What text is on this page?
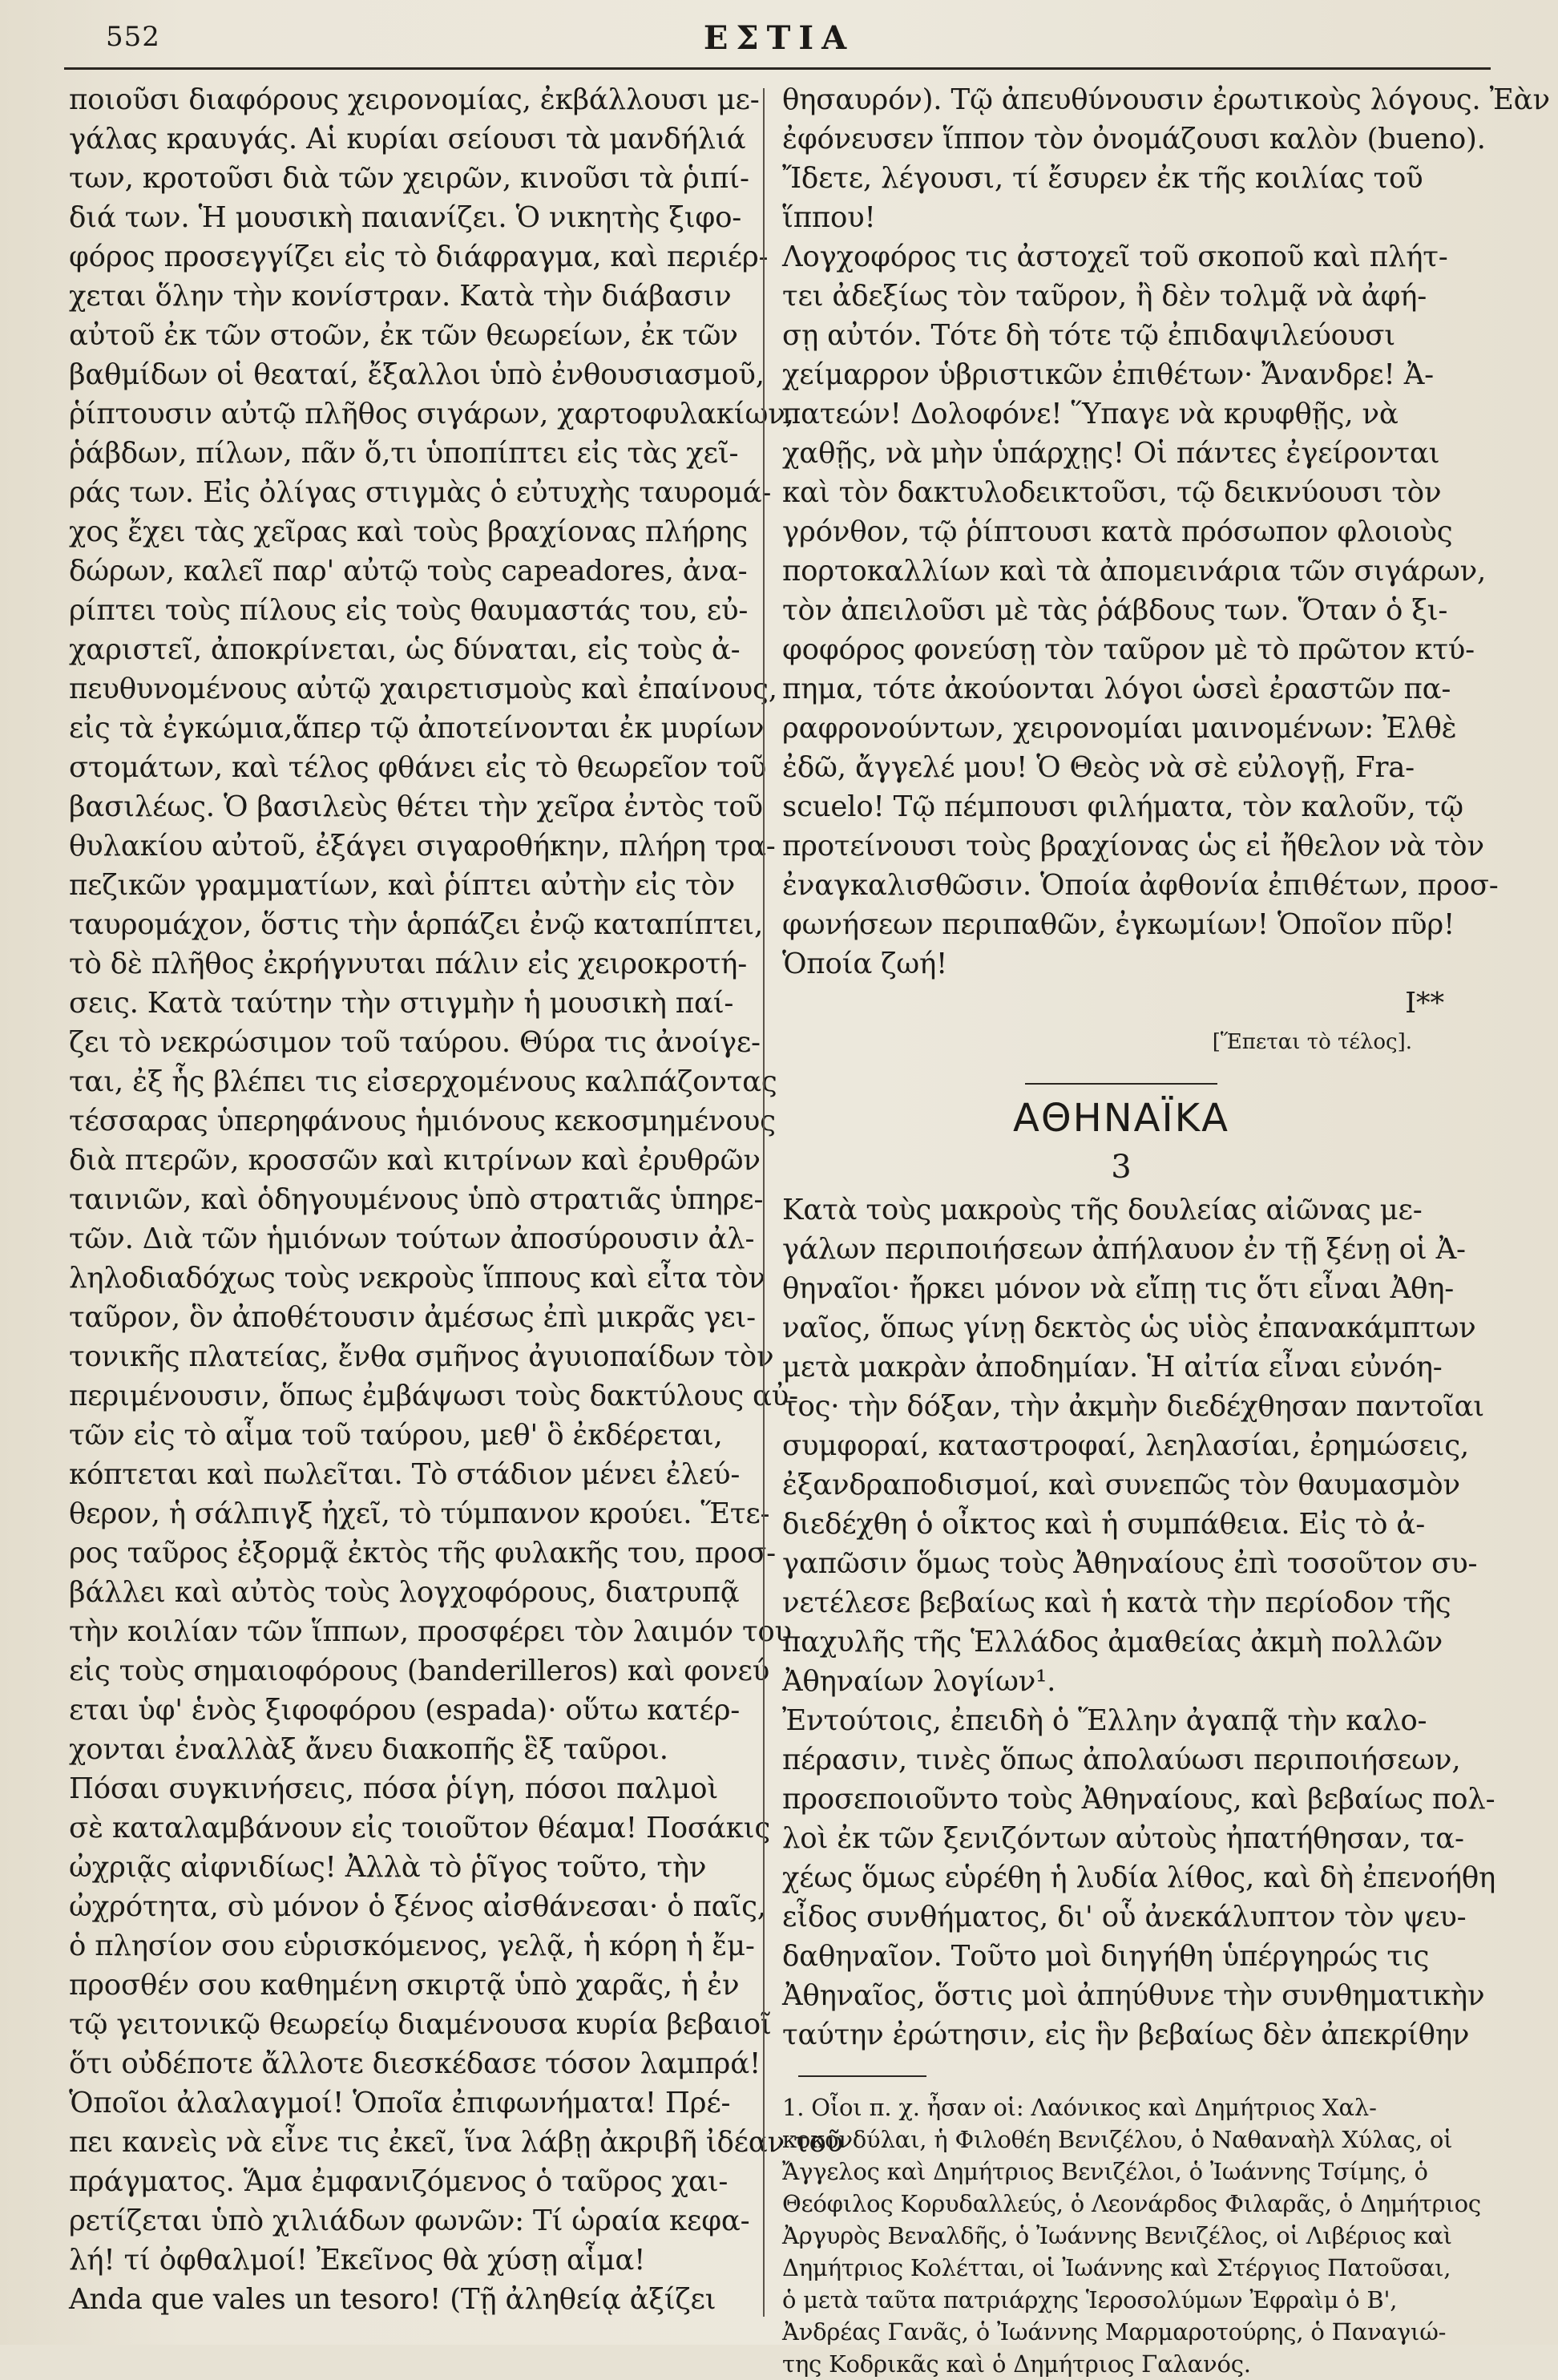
552	ΕΣΤΙΑ
ποιοῦσι διαφόρους χειρονομίας, ἐκβάλλουσι με-
γάλας κραυγάς. Αἱ κυρίαι σείουσι τὰ μανδήλιά
των, κροτοῦσι διὰ τῶν χειρῶν, κινοῦσι τὰ ῥιπί-
διά των. Ἡ μουσικὴ παιανίζει. Ὁ νικητὴς ξιφο-
φόρος προσεγγίζει εἰς τὸ διάφραγμα, καὶ περιέρ-
χεται ὅλην τὴν κονίστραν. Κατὰ τὴν διάβασιν
αὐτοῦ ἐκ τῶν στοῶν, ἐκ τῶν θεωρείων, ἐκ τῶν
βαθμίδων οἱ θεαταί, ἔξαλλοι ὑπὸ ἐνθουσιασμοῦ,
ῥίπτουσιν αὐτῷ πλῆθος σιγάρων, χαρτοφυλακίων,
ῥάβδων, πίλων, πᾶν ὅ,τι ὑποπίπτει εἰς τὰς χεῖ-
ράς των. Εἰς ὀλίγας στιγμὰς ὁ εὐτυχὴς ταυρομά-
χος ἔχει τὰς χεῖρας καὶ τοὺς βραχίονας πλήρης
δώρων, καλεῖ παρ' αὐτῷ τοὺς capeadores, ἀνα-
ρίπτει τοὺς πίλους εἰς τοὺς θαυμαστάς του, εὐ-
χαριστεῖ, ἀποκρίνεται, ὡς δύναται, εἰς τοὺς ἀ-
πευθυνομένους αὐτῷ χαιρετισμοὺς καὶ ἐπαίνους,
εἰς τὰ ἐγκώμια,ἅπερ τῷ ἀποτείνονται ἐκ μυρίων
στομάτων, καὶ τέλος φθάνει εἰς τὸ θεωρεῖον τοῦ
βασιλέως. Ὁ βασιλεὺς θέτει τὴν χεῖρα ἐντὸς τοῦ
θυλακίου αὐτοῦ, ἐξάγει σιγαροθήκην, πλήρη τρα-
πεζικῶν γραμματίων, καὶ ῥίπτει αὐτὴν εἰς τὸν
ταυρομάχον, ὅστις τὴν ἁρπάζει ἐνῷ καταπίπτει,
τὸ δὲ πλῆθος ἐκρήγνυται πάλιν εἰς χειροκροτή-
σεις. Κατὰ ταύτην τὴν στιγμὴν ἡ μουσικὴ παί-
ζει τὸ νεκρώσιμον τοῦ ταύρου. Θύρα τις ἀνοίγε-
ται, ἐξ ἧς βλέπει τις εἰσερχομένους καλπάζοντας
τέσσαρας ὑπερηφάνους ἡμιόνους κεκοσμημένους
διὰ πτερῶν, κροσσῶν καὶ κιτρίνων καὶ ἐρυθρῶν
ταινιῶν, καὶ ὁδηγουμένους ὑπὸ στρατιᾶς ὑπηρε-
τῶν. Διὰ τῶν ἡμιόνων τούτων ἀποσύρουσιν ἀλ-
ληλοδιαδόχως τοὺς νεκροὺς ἵππους καὶ εἶτα τὸν
ταῦρον, ὃν ἀποθέτουσιν ἀμέσως ἐπὶ μικρᾶς γει-
τονικῆς πλατείας, ἔνθα σμῆνος ἀγυιοπαίδων τὸν
περιμένουσιν, ὅπως ἐμβάψωσι τοὺς δακτύλους αὐ-
τῶν εἰς τὸ αἷμα τοῦ ταύρου, μεθ' ὃ ἐκδέρεται,
κόπτεται καὶ πωλεῖται. Τὸ στάδιον μένει ἐλεύ-
θερον, ἡ σάλπιγξ ἠχεῖ, τὸ τύμπανον κρούει. Ἕτε-
ρος ταῦρος ἐξορμᾷ ἐκτὸς τῆς φυλακῆς του, προσ-
βάλλει καὶ αὐτὸς τοὺς λογχοφόρους, διατρυπᾷ
τὴν κοιλίαν τῶν ἵππων, προσφέρει τὸν λαιμόν του
εἰς τοὺς σημαιοφόρους (banderilleros) καὶ φονεύ
εται ὑφ' ἑνὸς ξιφοφόρου (espada)· οὕτω κατέρ-
χονται ἐναλλὰξ ἄνευ διακοπῆς ἓξ ταῦροι.
Πόσαι συγκινήσεις, πόσα ῥίγη, πόσοι παλμοὶ
σὲ καταλαμβάνουν εἰς τοιοῦτον θέαμα! Ποσάκις
ὠχριᾷς αἰφνιδίως! Ἀλλὰ τὸ ῥῖγος τοῦτο, τὴν
ὠχρότητα, σὺ μόνον ὁ ξένος αἰσθάνεσαι· ὁ παῖς,
ὁ πλησίον σου εὑρισκόμενος, γελᾷ, ἡ κόρη ἡ ἔμ-
προσθέν σου καθημένη σκιρτᾷ ὑπὸ χαρᾶς, ἡ ἐν
τῷ γειτονικῷ θεωρείῳ διαμένουσα κυρία βεβαιοῖ
ὅτι οὐδέποτε ἄλλοτε διεσκέδασε τόσον λαμπρά!
Ὁποῖοι ἀλαλαγμοί! Ὁποῖα ἐπιφωνήματα! Πρέ-
πει κανεὶς νὰ εἶνε τις ἐκεῖ, ἵνα λάβῃ ἀκριβῆ ἰδέαν τοῦ
πράγματος. Ἅμα ἐμφανιζόμενος ὁ ταῦρος χαι-
ρετίζεται ὑπὸ χιλιάδων φωνῶν: Τί ὡραία κεφα-
λή! τί ὀφθαλμοί! Ἐκεῖνος θὰ χύσῃ αἷμα!
Anda que vales un tesoro! (Τῇ ἀληθείᾳ ἀξίζει
θησαυρόν). Τῷ ἀπευθύνουσιν ἐρωτικοὺς λόγους. Ἐὰν
ἐφόνευσεν ἵππον τὸν ὀνομάζουσι καλὸν (bueno).
Ἴδετε, λέγουσι, τί ἔσυρεν ἐκ τῆς κοιλίας τοῦ
ἵππου!
Λογχοφόρος τις ἀστοχεῖ τοῦ σκοποῦ καὶ πλήτ-
τει ἀδεξίως τὸν ταῦρον, ἢ δὲν τολμᾷ νὰ ἀφή-
σῃ αὐτόν. Τότε δὴ τότε τῷ ἐπιδαψιλεύουσι
χείμαρρον ὑβριστικῶν ἐπιθέτων· Ἄνανδρε! Ἀ-
πατεών! Δολοφόνε! Ὕπαγε νὰ κρυφθῇς, νὰ
χαθῇς, νὰ μὴν ὑπάρχῃς! Οἱ πάντες ἐγείρονται
καὶ τὸν δακτυλοδεικτοῦσι, τῷ δεικνύουσι τὸν
γρόνθον, τῷ ῥίπτουσι κατὰ πρόσωπον φλοιοὺς
πορτοκαλλίων καὶ τὰ ἀπομεινάρια τῶν σιγάρων,
τὸν ἀπειλοῦσι μὲ τὰς ῥάβδους των. Ὅταν ὁ ξι-
φοφόρος φονεύσῃ τὸν ταῦρον μὲ τὸ πρῶτον κτύ-
πημα, τότε ἀκούονται λόγοι ὡσεὶ ἐραστῶν πα-
ραφρονούντων, χειρονομίαι μαινομένων: Ἐλθὲ
ἐδῶ, ἄγγελέ μου! Ὁ Θεὸς νὰ σὲ εὐλογῇ, Fra-
scuelo! Τῷ πέμπουσι φιλήματα, τὸν καλοῦν, τῷ
προτείνουσι τοὺς βραχίονας ὡς εἰ ἤθελον νὰ τὸν
ἐναγκαλισθῶσιν. Ὁποία ἀφθονία ἐπιθέτων, προσ-
φωνήσεων περιπαθῶν, ἐγκωμίων! Ὁποῖον πῦρ!
Ὁποία ζωή!
Ι**
[Ἕπεται τὸ τέλος].
ΑΘΗΝΑΪΚΑ
3
Κατὰ τοὺς μακροὺς τῆς δουλείας αἰῶνας με-
γάλων περιποιήσεων ἀπήλαυον ἐν τῇ ξένῃ οἱ Ἀ-
θηναῖοι· ἤρκει μόνον νὰ εἴπῃ τις ὅτι εἶναι Ἀθη-
ναῖος, ὅπως γίνῃ δεκτὸς ὡς υἱὸς ἐπανακάμπτων
μετὰ μακρὰν ἀποδημίαν. Ἡ αἰτία εἶναι εὐνόη-
τος· τὴν δόξαν, τὴν ἀκμὴν διεδέχθησαν παντοῖαι
συμφοραί, καταστροφαί, λεηλασίαι, ἐρημώσεις,
ἐξανδραποδισμοί, καὶ συνεπῶς τὸν θαυμασμὸν
διεδέχθη ὁ οἶκτος καὶ ἡ συμπάθεια. Εἰς τὸ ἀ-
γαπῶσιν ὅμως τοὺς Ἀθηναίους ἐπὶ τοσοῦτον συ-
νετέλεσε βεβαίως καὶ ἡ κατὰ τὴν περίοδον τῆς
παχυλῆς τῆς Ἑλλάδος ἀμαθείας ἀκμὴ πολλῶν
Ἀθηναίων λογίων¹.
Ἐντούτοις, ἐπειδὴ ὁ Ἕλλην ἀγαπᾷ τὴν καλο-
πέρασιν, τινὲς ὅπως ἀπολαύωσι περιποιήσεων,
προσεποιοῦντο τοὺς Ἀθηναίους, καὶ βεβαίως πολ-
λοὶ ἐκ τῶν ξενιζόντων αὐτοὺς ἠπατήθησαν, τα-
χέως ὅμως εὑρέθη ἡ λυδία λίθος, καὶ δὴ ἐπενοήθη
εἶδος συνθήματος, δι' οὗ ἀνεκάλυπτον τὸν ψευ-
δαθηναῖον. Τοῦτο μοὶ διηγήθη ὑπέργηρώς τις
Ἀθηναῖος, ὅστις μοὶ ἀπηύθυνε τὴν συνθηματικὴν
ταύτην ἐρώτησιν, εἰς ἣν βεβαίως δὲν ἀπεκρίθην
1. Οἷοι π. χ. ἦσαν οἱ: Λαόνικος καὶ Δημήτριος Χαλ-
κοκονδύλαι, ἡ Φιλοθέη Βενιζέλου, ὁ Ναθαναὴλ Χύλας, οἱ
Ἄγγελος καὶ Δημήτριος Βενιζέλοι, ὁ Ἰωάννης Τσίμης, ὁ
Θεόφιλος Κορυδαλλεύς, ὁ Λεονάρδος Φιλαρᾶς, ὁ Δημήτριος
Ἀργυρὸς Βεναλδῆς, ὁ Ἰωάννης Βενιζέλος, οἱ Λιβέριος καὶ
Δημήτριος Κολέτται, οἱ Ἰωάννης καὶ Στέργιος Πατοῦσαι,
ὁ μετὰ ταῦτα πατριάρχης Ἱεροσολύμων Ἐφραὶμ ὁ Β',
Ἀνδρέας Γανᾶς, ὁ Ἰωάννης Μαρμαροτούρης, ὁ Παναγιώ-
της Κοδρικᾶς καὶ ὁ Δημήτριος Γαλανός.
